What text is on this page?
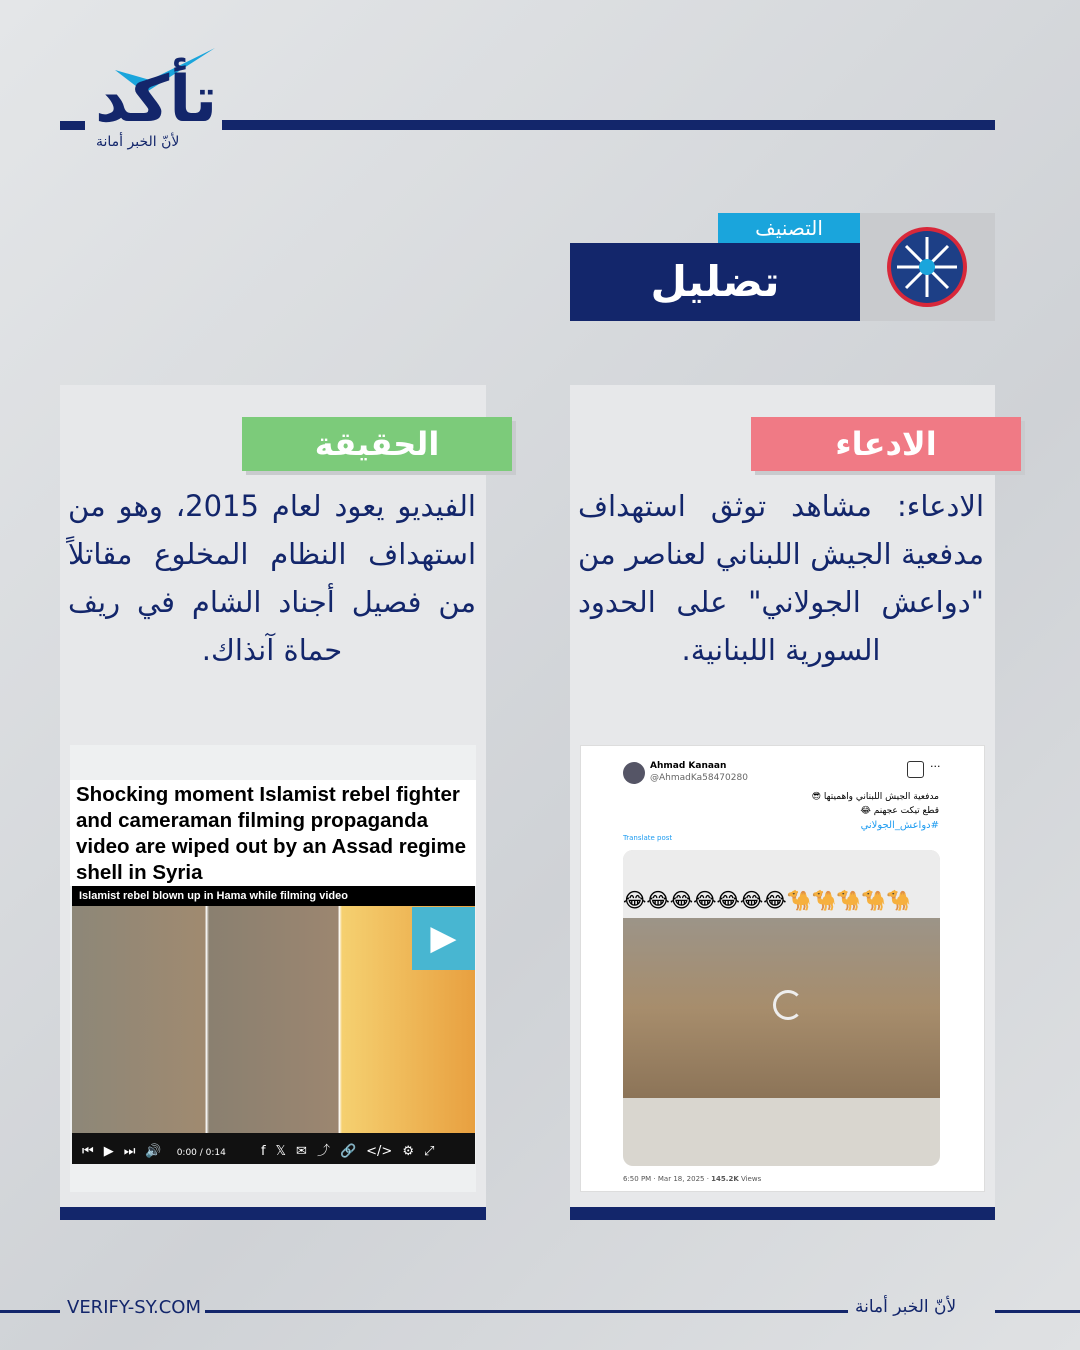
تأكد
لأنّ الخبر أمانة
التصنيف
تضليل
الادعاء
الادعاء: مشاهد توثق استهداف مدفعية الجيش اللبناني لعناصر من "دواعش الجولاني" على الحدود السورية اللبنانية.
Ahmad Kanaan
@AhmadKa58470280
···
مدفعية الجيش اللبناني واهميتها 😎
قطع تيكت عجهنم 😂
#دواعش_الجولاني
Translate post
😂😂😂😂😂😂😂🐪🐪🐪🐪🐪
6:50 PM · Mar 18, 2025 · 145.2K Views
الحقيقة
الفيديو يعود لعام 2015، وهو من استهداف النظام المخلوع مقاتلاً من فصيل أجناد الشام في ريف حماة آنذاك.
Shocking moment Islamist rebel fighter and cameraman filming propaganda video are wiped out by an Assad regime shell in Syria
Islamist rebel blown up in Hama while filming video
▶
⏮ ▶ ⏭ 🔊 0:00 / 0:14	f 𝕏 ✉ ⤴ 🔗 </> ⚙ ⤢
VERIFY-SY.COM	لأنّ الخبر أمانة
